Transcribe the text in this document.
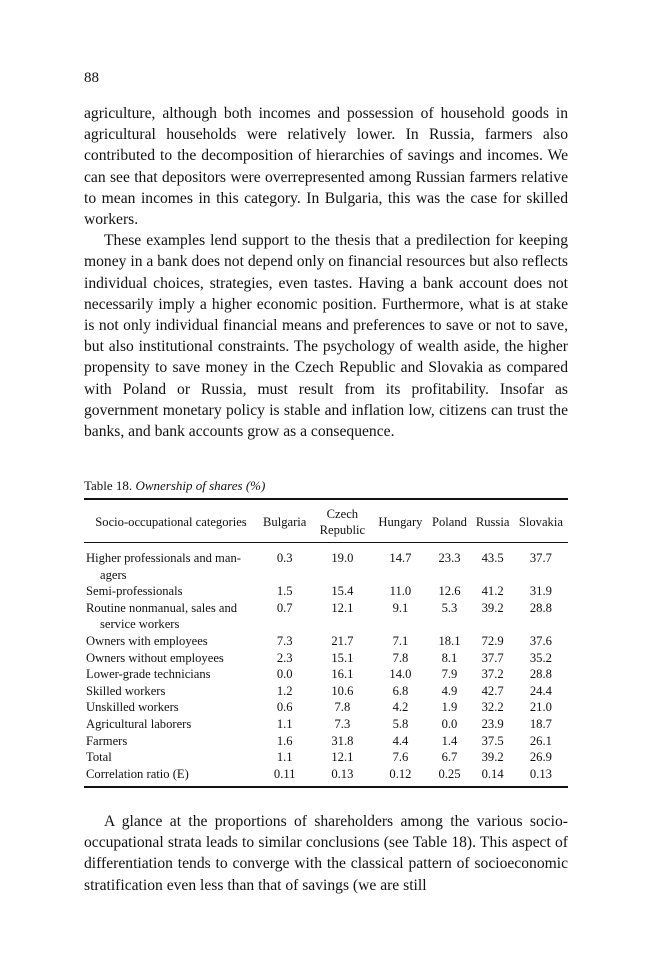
88

agriculture, although both incomes and possession of household goods in agricultural households were relatively lower. In Russia, farmers also contributed to the decomposition of hierarchies of savings and incomes. We can see that depositors were overrepresented among Russian farmers relative to mean incomes in this category. In Bulgaria, this was the case for skilled workers.

These examples lend support to the thesis that a predilection for keeping money in a bank does not depend only on financial resources but also reflects individual choices, strategies, even tastes. Having a bank account does not necessarily imply a higher economic position. Furthermore, what is at stake is not only individual financial means and preferences to save or not to save, but also institutional constraints. The psychology of wealth aside, the higher propensity to save money in the Czech Republic and Slovakia as compared with Poland or Russia, must result from its profitability. Insofar as government monetary policy is stable and inflation low, citizens can trust the banks, and bank accounts grow as a consequence.

Table 18. Ownership of shares (%)
Socio-occupational categories	Bulgaria	Czech Republic	Hungary	Poland	Russia	Slovakia
Higher professionals and man-
agers	0.3	19.0	14.7	23.3	43.5	37.7
Semi-professionals	1.5	15.4	11.0	12.6	41.2	31.9
Routine nonmanual, sales and
service workers	0.7	12.1	9.1	5.3	39.2	28.8
Owners with employees	7.3	21.7	7.1	18.1	72.9	37.6
Owners without employees	2.3	15.1	7.8	8.1	37.7	35.2
Lower-grade technicians	0.0	16.1	14.0	7.9	37.2	28.8
Skilled workers	1.2	10.6	6.8	4.9	42.7	24.4
Unskilled workers	0.6	7.8	4.2	1.9	32.2	21.0
Agricultural laborers	1.1	7.3	5.8	0.0	23.9	18.7
Farmers	1.6	31.8	4.4	1.4	37.5	26.1
Total	1.1	12.1	7.6	6.7	39.2	26.9
Correlation ratio (E)	0.11	0.13	0.12	0.25	0.14	0.13

A glance at the proportions of shareholders among the various socio-occupational strata leads to similar conclusions (see Table 18). This aspect of differentiation tends to converge with the classical pattern of socioeconomic stratification even less than that of savings (we are still
